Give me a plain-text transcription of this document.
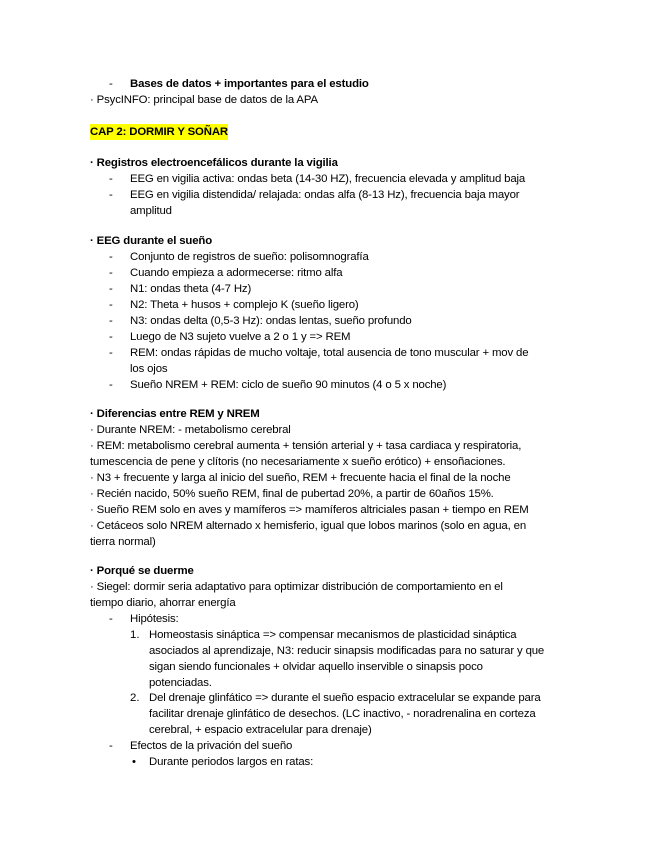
- Bases de datos + importantes para el estudio
· PsycINFO: principal base de datos de la APA
CAP 2: DORMIR Y SOÑAR
· Registros electroencefálicos durante la vigilia
- EEG en vigilia activa: ondas beta (14-30 HZ), frecuencia elevada y amplitud baja
- EEG en vigilia distendida/ relajada: ondas alfa (8-13 Hz), frecuencia baja mayor
amplitud
· EEG durante el sueño
- Conjunto de registros de sueño: polisomnografía
- Cuando empieza a adormecerse: ritmo alfa
- N1: ondas theta (4-7 Hz)
- N2: Theta + husos + complejo K (sueño ligero)
- N3: ondas delta (0,5-3 Hz): ondas lentas, sueño profundo
- Luego de N3 sujeto vuelve a 2 o 1 y => REM
- REM: ondas rápidas de mucho voltaje, total ausencia de tono muscular + mov de
los ojos
- Sueño NREM + REM: ciclo de sueño 90 minutos (4 o 5 x noche)
· Diferencias entre REM y NREM
· Durante NREM: - metabolismo cerebral
· REM: metabolismo cerebral aumenta + tensión arterial y + tasa cardiaca y respiratoria,
tumescencia de pene y clítoris (no necesariamente x sueño erótico) + ensoñaciones.
· N3 + frecuente y larga al inicio del sueño, REM + frecuente hacia el final de la noche
· Recién nacido, 50% sueño REM, final de pubertad 20%, a partir de 60años 15%.
· Sueño REM solo en aves y mamíferos => mamíferos altriciales pasan + tiempo en REM
· Cetáceos solo NREM alternado x hemisferio, igual que lobos marinos (solo en agua, en
tierra normal)
· Porqué se duerme
· Siegel: dormir seria adaptativo para optimizar distribución de comportamiento en el
tiempo diario, ahorrar energía
- Hipótesis:
1. Homeostasis sináptica => compensar mecanismos de plasticidad sináptica
asociados al aprendizaje, N3: reducir sinapsis modificadas para no saturar y que
sigan siendo funcionales + olvidar aquello inservible o sinapsis poco
potenciadas.
2. Del drenaje glinfático => durante el sueño espacio extracelular se expande para
facilitar drenaje glinfático de desechos. (LC inactivo, - noradrenalina en corteza
cerebral, + espacio extracelular para drenaje)
- Efectos de la privación del sueño
• Durante periodos largos en ratas:
